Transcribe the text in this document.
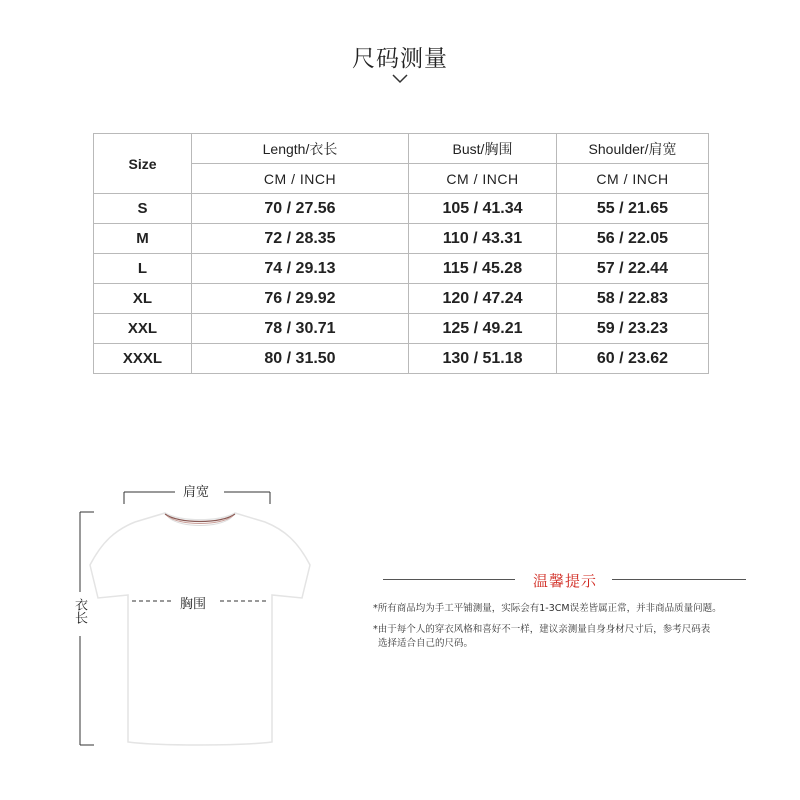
尺码测量
Size	Length/衣长	Bust/胸围	Shoulder/肩宽
	CM / INCH	CM / INCH	CM / INCH
S	70 / 27.56	105 / 41.34	55 / 21.65
M	72 / 28.35	110 / 43.31	56 / 22.05
L	74 / 29.13	115 / 45.28	57 / 22.44
XL	76 / 29.92	120 / 47.24	58 / 22.83
XXL	78 / 30.71	125 / 49.21	59 / 23.23
XXXL	80 / 31.50	130 / 51.18	60 / 23.62
肩宽
胸围
衣长
温馨提示
*所有商品均为手工平铺测量，实际会有1-3CM误差皆属正常，并非商品质量问题。
*由于每个人的穿衣风格和喜好不一样，建议亲测量自身身材尺寸后，参考尺码表
选择适合自己的尺码。
